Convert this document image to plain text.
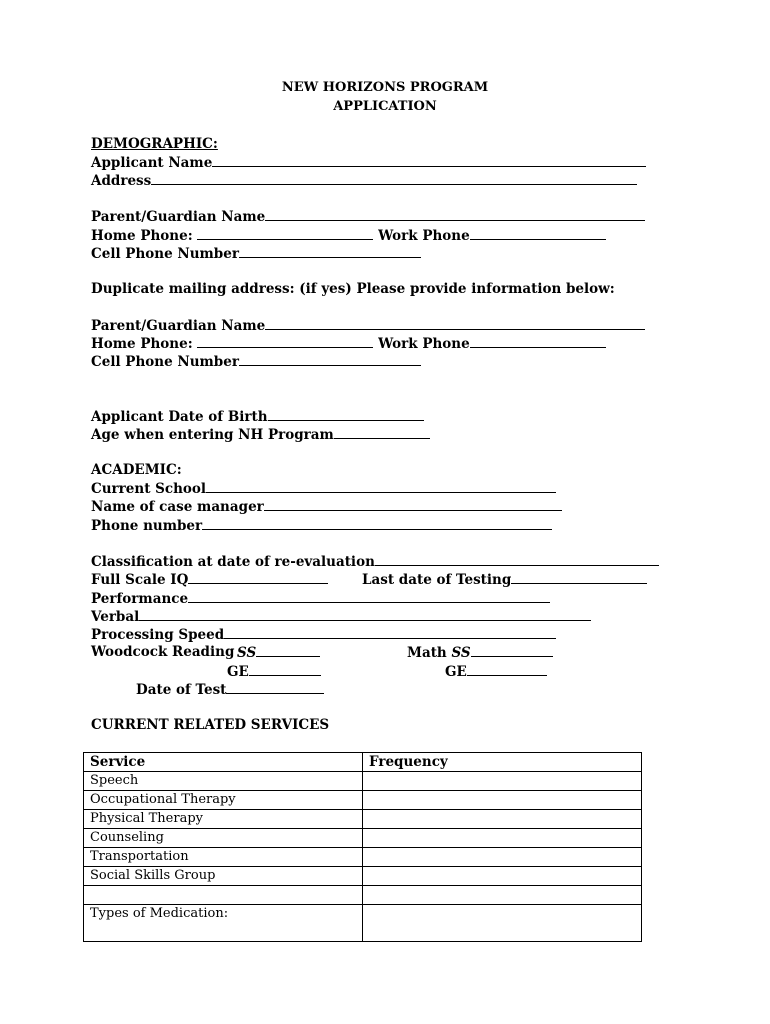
NEW HORIZONS PROGRAM
APPLICATION
DEMOGRAPHIC:
Applicant Name
Address
Parent/Guardian Name
Home Phone:	Work Phone
Cell Phone Number
Duplicate mailing address: (if yes) Please provide information below:
Parent/Guardian Name
Home Phone:	Work Phone
Cell Phone Number
Applicant Date of Birth
Age when entering NH Program
ACADEMIC:
Current School
Name of case manager
Phone number
Classification at date of re-evaluation
Full Scale IQ	Last date of Testing
Performance
Verbal
Processing Speed
Woodcock Reading SS	Math SS
GE	GE
Date of Test
CURRENT RELATED SERVICES
Service	Frequency
Speech	
Occupational Therapy	
Physical Therapy	
Counseling	
Transportation	
Social Skills Group	

Types of Medication:	
